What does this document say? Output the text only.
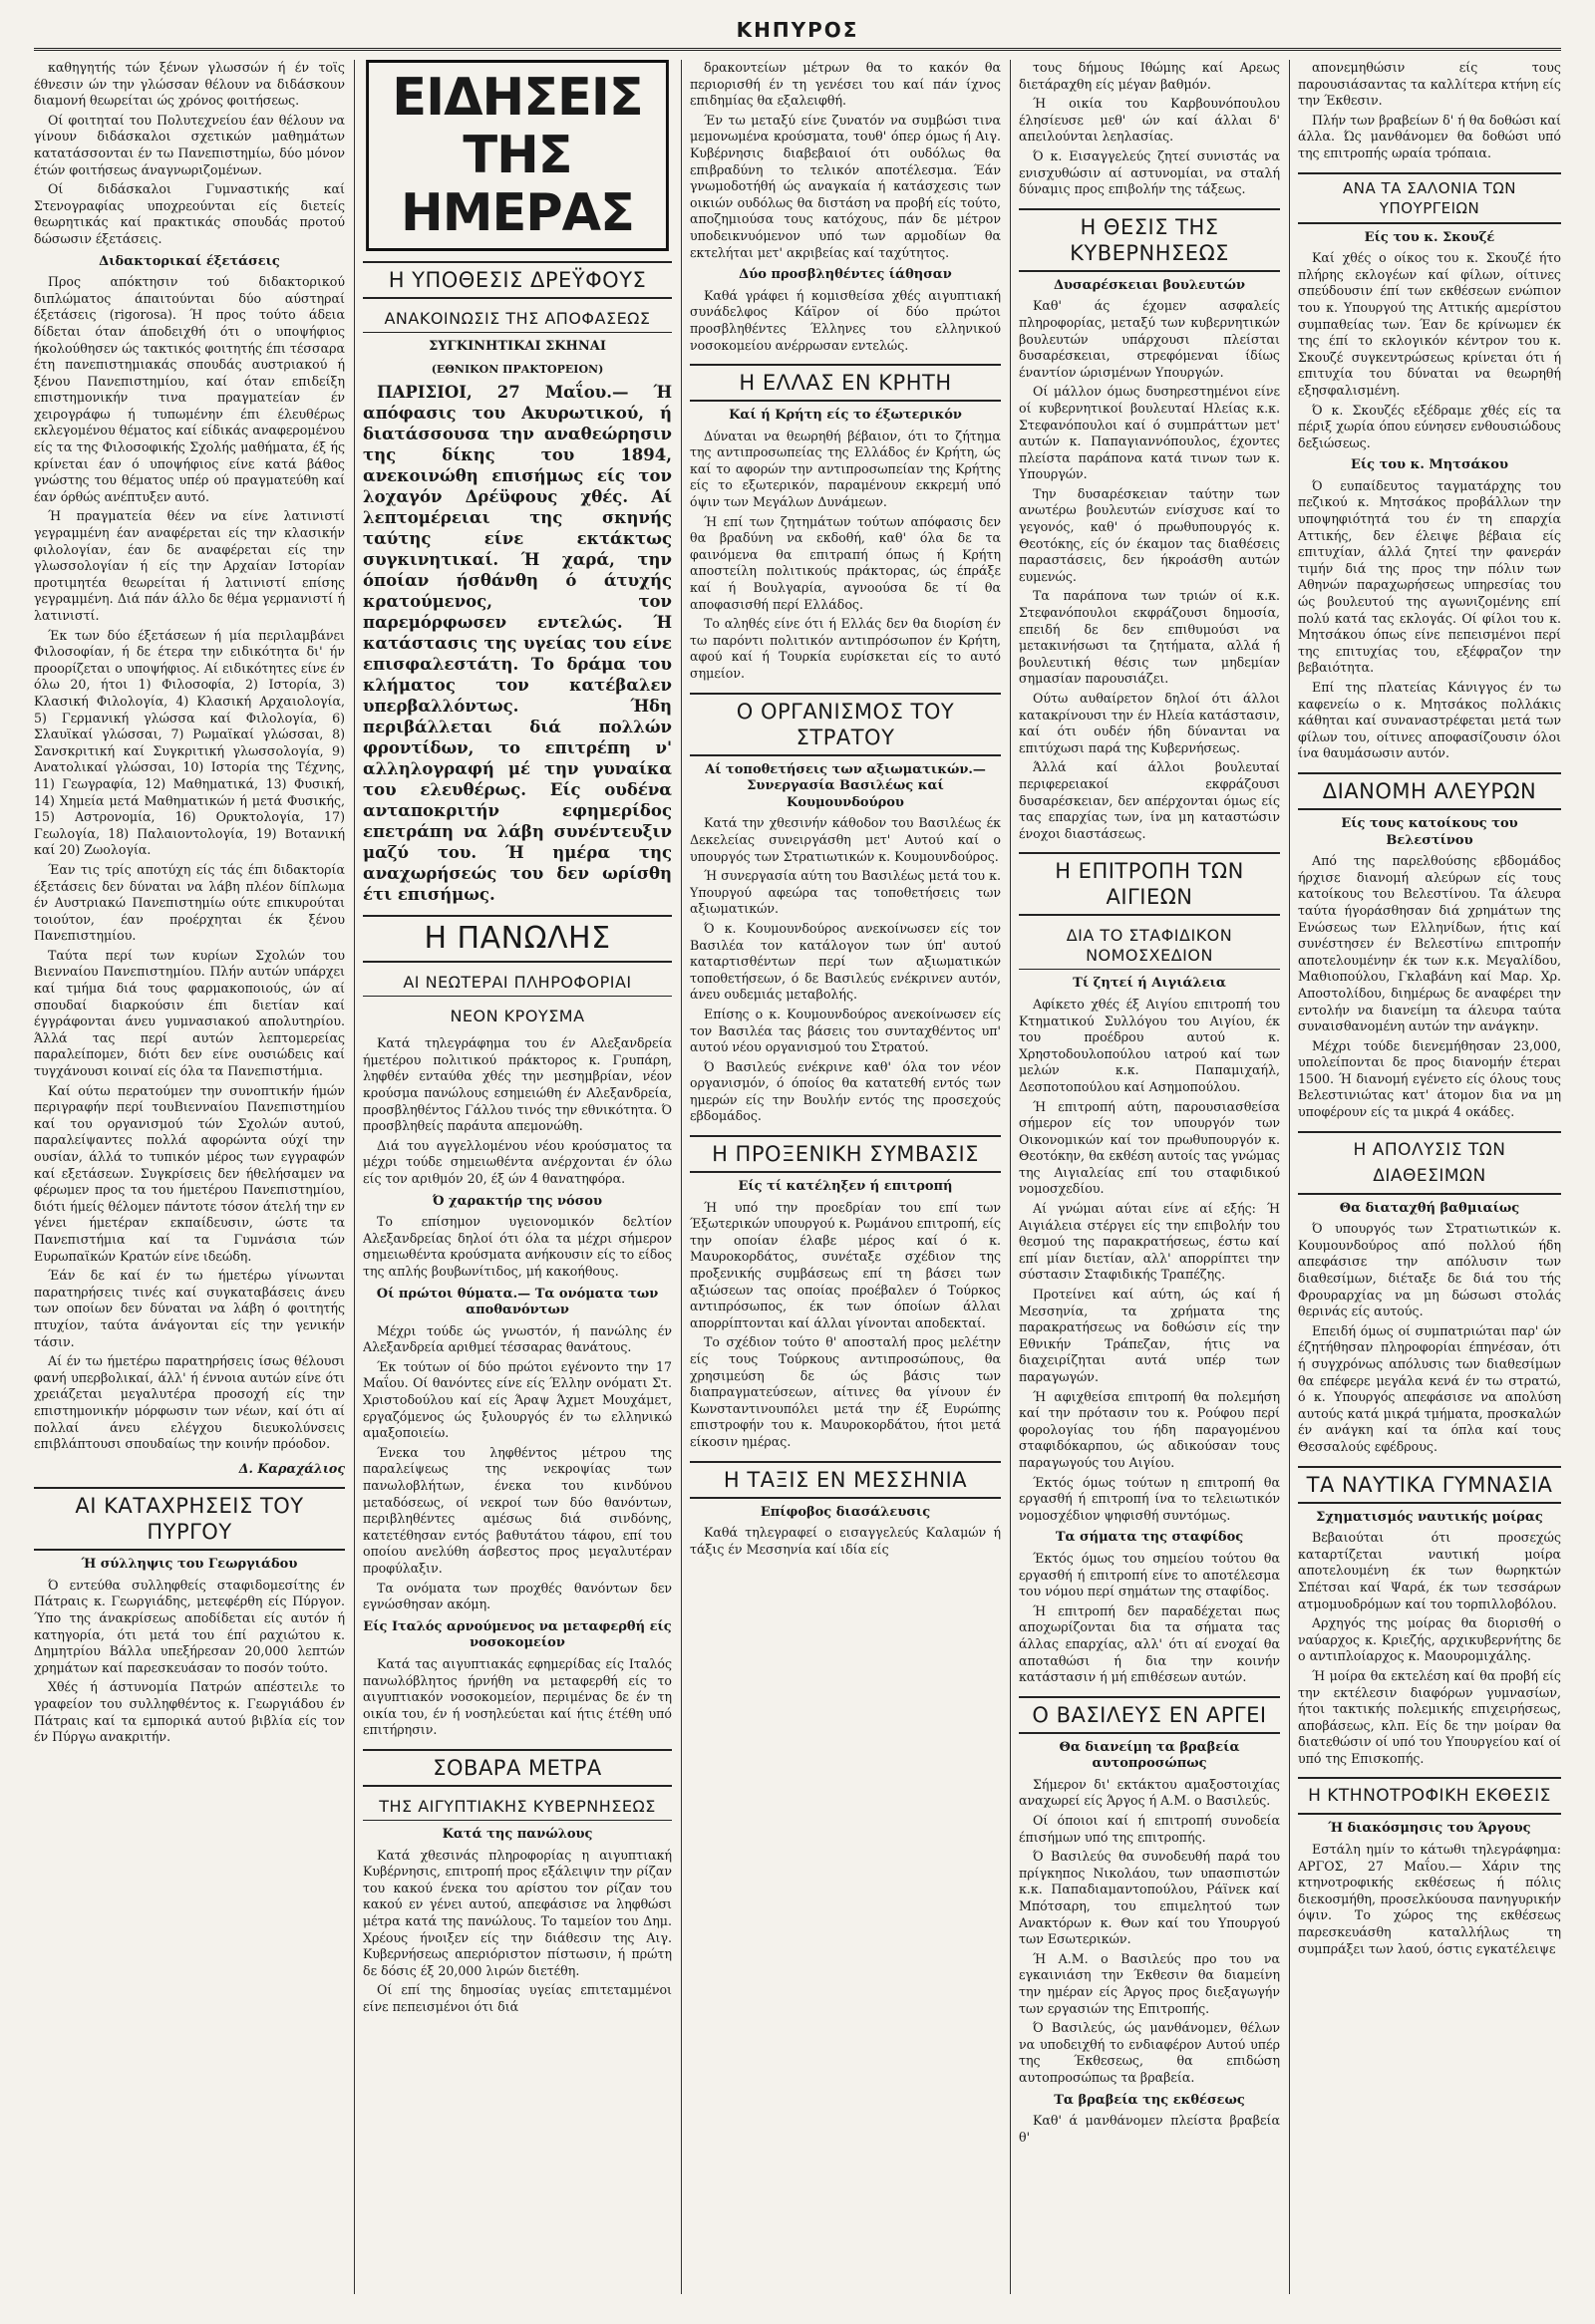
ΚΗΠΥΡΟΣ

καθηγητής τών ξένων γλωσσών ή έν τοϊς έθνεσιν ών την γλώσσαν θέλουν να διδάσκουν διαμονή θεωρείται ώς χρόνος φοιτήσεως.

Οί φοιτηταί του Πολυτεχνείου έαν θέλουν να γίνουν διδάσκαλοι σχετικών μαθημάτων κατατάσσονται έν τω Πανεπιστημίω, δύο μόνον έτών φοιτήσεως άναγνωριζομένων.

Οί διδάσκαλοι Γυμναστικής καί Στενογραφίας υποχρεούνται είς διετείς θεωρητικάς καί πρακτικάς σπουδάς προτού δώσωσιν έξετάσεις.

Διδακτορικαί έξετάσεις

Προς απόκτησιν τού διδακτορικού διπλώματος άπαιτούνται δύο αύστηραί έξετάσεις (rigorosa). Ή προς τούτο άδεια δίδεται όταν άποδειχθή ότι ο υποψήφιος ήκολούθησεν ώς τακτικός φοιτητής έπι τέσσαρα έτη πανεπιστημιακάς σπουδάς αυστριακού ή ξένου Πανεπιστημίου, καί όταν επιδείξη επιστημονικήν τινα πραγματείαν έν χειρογράφω ή τυπωμένην έπι έλευθέρως εκλεγομένου θέματος καί είδικάς αναφερομένου είς τα της Φιλοσοφικής Σχολής μαθήματα, έξ ής κρίνεται έαν ό υποψήφιος είνε κατά βάθος γνώστης του θέματος υπέρ ού πραγματεύθη καί έαν όρθώς ανέπτυξεν αυτό.

Ή πραγματεία θέεν να είνε λατινιστί γεγραμμένη έαν αναφέρεται είς την κλασικήν φιλολογίαν, έαν δε αναφέρεται είς την γλωσσολογίαν ή είς την Αρχαίαν Ιστορίαν προτιμητέα θεωρείται ή λατινιστί επίσης γεγραμμένη. Διά πάν άλλο δε θέμα γερμανιστί ή λατινιστί.

Έκ των δύο έξετάσεων ή μία περιλαμβάνει Φιλοσοφίαν, ή δε έτερα την ειδικότητα δι' ήν προορίζεται ο υποψήφιος. Αί ειδικότητες είνε έν όλω 20, ήτοι 1) Φιλοσοφία, 2) Ιστορία, 3) Κλασική Φιλολογία, 4) Κλασική Αρχαιολογία, 5) Γερμανική γλώσσα καί Φιλολογία, 6) Σλαυϊκαί γλώσσαι, 7) Ρωμαϊκαί γλώσσαι, 8) Σανσκριτική καί Συγκριτική γλωσσολογία, 9) Ανατολικαί γλώσσαι, 10) Ιστορία της Τέχνης, 11) Γεωγραφία, 12) Μαθηματικά, 13) Φυσική, 14) Χημεία μετά Μαθηματικών ή μετά Φυσικής, 15) Αστρονομία, 16) Ορυκτολογία, 17) Γεωλογία, 18) Παλαιοντολογία, 19) Βοτανική καί 20) Ζωολογία.

Έαν τις τρίς αποτύχη είς τάς έπι διδακτορία έξετάσεις δεν δύναται να λάβη πλέον δίπλωμα έν Αυστριακώ Πανεπιστημίω ούτε επικυρούται τοιούτον, έαν προέρχηται έκ ξένου Πανεπιστημίου.

Ταύτα περί των κυρίων Σχολών του Βιενναίου Πανεπιστημίου. Πλήν αυτών υπάρχει καί τμήμα διά τους φαρμακοποιούς, ών αί σπουδαί διαρκούσιν έπι διετίαν καί έγγράφονται άνευ γυμνασιακού απολυτηρίου. Άλλά τας περί αυτών λεπτομερείας παραλείπομεν, διότι δεν είνε ουσιώδεις καί τυγχάνουσι κοιναί είς όλα τα Πανεπιστήμια.

Καί ούτω περατούμεν την συνοπτικήν ήμών περιγραφήν περί τουΒιενναίου Πανεπιστημίου καί του οργανισμού τών Σχολών αυτού, παραλείψαντες πολλά αφορώντα ούχί την ουσίαν, άλλά το τυπικόν μέρος των εγγραφών καί εξετάσεων. Συγκρίσεις δεν ήθελήσαμεν να φέρωμεν προς τα του ήμετέρου Πανεπιστημίου, διότι ήμείς θέλομεν πάντοτε τόσον άτελή την εν γένει ήμετέραν εκπαίδευσιν, ώστε τα Πανεπιστήμια καί τα Γυμνάσια τών Ευρωπαϊκών Κρατών είνε ιδεώδη.

Έάν δε καί έν τω ήμετέρω γίνωνται παρατηρήσεις τινές καί συγκαταβάσεις άνευ των οποίων δεν δύναται να λάβη ό φοιτητής πτυχίον, ταύτα άνάγονται είς την γενικήν τάσιν.

Αί έν τω ήμετέρω παρατηρήσεις ίσως θέλουσι φανή υπερβολικαί, άλλ' ή έννοια αυτών είνε ότι χρειάζεται μεγαλυτέρα προσοχή είς την επιστημονικήν μόρφωσιν των νέων, καί ότι αί πολλαί άνευ ελέγχου διευκολύνσεις επιβλάπτουσι σπουδαίως την κοινήν πρόοδον.

Δ. Καραχάλιος
ΑΙ ΚΑΤΑΧΡΗΣΕΙΣ ΤΟΥ ΠΥΡΓΟΥ
Ή σύλληψις του Γεωργιάδου

Ό εντεύθα συλληφθείς σταφιδομεσίτης έν Πάτραις κ. Γεωργιάδης, μετεφέρθη είς Πύργον. Ύπο της άνακρίσεως αποδίδεται είς αυτόν ή κατηγορία, ότι μετά του έπί ραχιώτου κ. Δημητρίου Βάλλα υπεξήρεσαν 20,000 λεπτών χρημάτων καί παρεσκευάσαν το ποσόν τούτο.

Χθές ή άστυνομία Πατρών απέστειλε το γραφείον του συλληφθέντος κ. Γεωργιάδου έν Πάτραις καί τα εμπορικά αυτού βιβλία είς τον έν Πύργω ανακριτήν.

ΕΙΔΗΣΕΙΣ ΤΗΣ ΗΜΕΡΑΣ
Η ΥΠΟΘΕΣΙΣ ΔΡΕΫΦΟΥΣ
ΑΝΑΚΟΙΝΩΣΙΣ ΤΗΣ ΑΠΟΦΑΣΕΩΣ
ΣΥΓΚΙΝΗΤΙΚΑΙ ΣΚΗΝΑΙ
(ΕΘΝΙΚΟΝ ΠΡΑΚΤΟΡΕΙΟΝ)

ΠΑΡΙΣΙΟΙ, 27 Μαΐου.— Ή απόφασις του Ακυρωτικού, ή διατάσσουσα την αναθεώρησιν της δίκης του 1894, ανεκοινώθη επισήμως είς τον λοχαγόν Δρέϋφους χθές. Αί λεπτομέρειαι της σκηνής ταύτης είνε εκτάκτως συγκινητικαί. Ή χαρά, την όποίαν ήσθάνθη ό άτυχής κρατούμενος, τον παρεμόρφωσεν εντελώς. Ή κατάστασις της υγείας του είνε επισφαλεστάτη. Το δράμα του κλήματος τον κατέβαλεν υπερβαλλόντως. Ήδη περιβάλλεται διά πολλών φροντίδων, το επιτρέπη ν' αλληλογραφή μέ την γυναίκα του ελευθέρως. Είς ουδένα ανταποκριτήν εφημερίδος επετράπη να λάβη συνέντευξιν μαζύ του. Ή ημέρα της αναχωρήσεώς του δεν ωρίσθη έτι επισήμως.

Η ΠΑΝΩΛΗΣ
ΑΙ ΝΕΩΤΕΡΑΙ ΠΛΗΡΟΦΟΡΙΑΙ
ΝΕΟΝ ΚΡΟΥΣΜΑ

Κατά τηλεγράφημα του έν Αλεξανδρεία ήμετέρου πολιτικού πράκτορος κ. Γρυπάρη, ληφθέν ενταύθα χθές την μεσημβρίαν, νέον κρούσμα πανώλους εσημειώθη έν Αλεξανδρεία, προσβληθέντος Γάλλου τινός την εθνικότητα. Ό προσβληθείς παράυτα απεμονώθη.

Διά του αγγελλομένου νέου κρούσματος τα μέχρι τούδε σημειωθέντα ανέρχονται έν όλω είς τον αριθμόν 20, έξ ών 4 θανατηφόρα.

Ό χαρακτήρ της νόσου

Το επίσημον υγειονομικόν δελτίον Αλεξανδρείας δηλοί ότι όλα τα μέχρι σήμερον σημειωθέντα κρούσματα ανήκουσιν είς το είδος της απλής βουβωνίτιδος, μή κακοήθους.

Οί πρώτοι θύματα.— Τα ονόματα των αποθανόντων

Μέχρι τούδε ώς γνωστόν, ή πανώλης έν Αλεξανδρεία αριθμεί τέσσαρας θανάτους.

Έκ τούτων οί δύο πρώτοι εγένοντο την 17 Μαΐου. Οί θανόντες είνε είς Έλλην ονόματι Στ. Χριστοδούλου καί είς Άραψ Άχμετ Μουχάμετ, εργαζόμενος ώς ξυλουργός έν τω ελληνικώ αμαξοποιείω.

Ένεκα του ληφθέντος μέτρου της παραλείψεως της νεκροψίας των πανωλοβλήτων, ένεκα του κινδύνου μεταδόσεως, οί νεκροί των δύο θανόντων, περιβληθέντες αμέσως διά σινδόνης, κατετέθησαν εντός βαθυτάτου τάφου, επί του οποίου ανελύθη άσβεστος προς μεγαλυτέραν προφύλαξιν.

Τα ονόματα των προχθές θανόντων δεν εγνώσθησαν ακόμη.

Είς Ιταλός αρνούμενος να μεταφερθή είς νοσοκομείον

Κατά τας αιγυπτιακάς εφημερίδας είς Ιταλός πανωλόβλητος ήρνήθη να μεταφερθή είς το αιγυπτιακόν νοσοκομείον, περιμένας δε έν τη οικία του, έν ή νοσηλεύεται καί ήτις έτέθη υπό επιτήρησιν.

ΣΟΒΑΡΑ ΜΕΤΡΑ
ΤΗΣ ΑΙΓΥΠΤΙΑΚΗΣ ΚΥΒΕΡΝΗΣΕΩΣ
Κατά της πανώλους

Κατά χθεσινάς πληροφορίας η αιγυπτιακή Κυβέρνησις, επιτροπή προς εξάλειψιν την ρίζαν του κακού ένεκα του αρίστου τον ρίζαν του κακού εν γένει αυτού, απεφάσισε να ληφθώσι μέτρα κατά της πανώλους. Το ταμείον του Δημ. Χρέους ήνοιξεν είς την διάθεσιν της Αιγ. Κυβερνήσεως απεριόριστον πίστωσιν, ή πρώτη δε δόσις έξ 20,000 λιρών διετέθη.

Οί επί της δημοσίας υγείας επιτεταμμένοι είνε πεπεισμένοι ότι διά

δρακοντείων μέτρων θα το κακόν θα περιορισθή έν τη γενέσει του καί πάν ίχνος επιδημίας θα εξαλειφθή.

Έν τω μεταξύ είνε ζυνατόν να συμβώσι τινα μεμονωμένα κρούσματα, τουθ' όπερ όμως ή Αιγ. Κυβέρνησις διαβεβαιοί ότι ουδόλως θα επιβραδύνη το τελικόν αποτέλεσμα. Έάν γνωμοδοτήθή ώς αναγκαία ή κατάσχεσις των οικιών ουδόλως θα διστάση να προβή είς τούτο, αποζημιούσα τους κατόχους, πάν δε μέτρον υποδεικνυόμενον υπό των αρμοδίων θα εκτελήται μετ' ακριβείας καί ταχύτητος.

Δύο προσβληθέντες ίάθησαν

Καθά γράφει ή κομισθείσα χθές αιγυπτιακή συνάδελφος Κάϊρον οί δύο πρώτοι προσβληθέντες Έλληνες του ελληνικού νοσοκομείου ανέρρωσαν εντελώς.

Η ΕΛΛΑΣ ΕΝ ΚΡΗΤΗ
Καί ή Κρήτη είς το έξωτερικόν

Δύναται να θεωρηθή βέβαιον, ότι το ζήτημα της αντιπροσωπείας της Ελλάδος έν Κρήτη, ώς καί το αφορών την αντιπροσωπείαν της Κρήτης είς το εξωτερικόν, παραμένουν εκκρεμή υπό όψιν των Μεγάλων Δυνάμεων.

Ή επί των ζητημάτων τούτων απόφασις δεν θα βραδύνη να εκδοθή, καθ' όλα δε τα φαινόμενα θα επιτραπή όπως ή Κρήτη αποστείλη πολιτικούς πράκτορας, ώς έπράξε καί ή Βουλγαρία, αγνοούσα δε τί θα αποφασισθή περί Ελλάδος.

Το αληθές είνε ότι ή Ελλάς δεν θα διορίση έν τω παρόντι πολιτικόν αντιπρόσωπον έν Κρήτη, αφού καί ή Τουρκία ευρίσκεται είς το αυτό σημείον.

Ο ΟΡΓΑΝΙΣΜΟΣ ΤΟΥ ΣΤΡΑΤΟΥ
Αί τοποθετήσεις των αξιωματικών.— Συνεργασία Βασιλέως καί Κουμουνδούρου

Κατά την χθεσινήν κάθοδον του Βασιλέως έκ Δεκελείας συνειργάσθη μετ' Αυτού καί ο υπουργός των Στρατιωτικών κ. Κουμουνδούρος.

Ή συνεργασία αύτη του Βασιλέως μετά του κ. Υπουργού αφεώρα τας τοποθετήσεις των αξιωματικών.

Ό κ. Κουμουνδούρος ανεκοίνωσεν είς τον Βασιλέα τον κατάλογον των ύπ' αυτού καταρτισθέντων περί των αξιωματικών τοποθετήσεων, ό δε Βασιλεύς ενέκρινεν αυτόν, άνευ ουδεμιάς μεταβολής.

Επίσης ο κ. Κουμουνδούρος ανεκοίνωσεν είς τον Βασιλέα τας βάσεις του συνταχθέντος υπ' αυτού νέου οργανισμού του Στρατού.

Ό Βασιλεύς ενέκρινε καθ' όλα τον νέον οργανισμόν, ό όποίος θα κατατεθή εντός των ημερών είς την Βουλήν εντός της προσεχούς εβδομάδος.

Η ΠΡΟΞΕΝΙΚΗ ΣΥΜΒΑΣΙΣ
Είς τί κατέληξεν ή επιτροπή

Ή υπό την προεδρίαν του επί των Έξωτερικών υπουργού κ. Ρωμάνου επιτροπή, είς την οποίαν έλαβε μέρος καί ό κ. Μαυροκορδάτος, συνέταξε σχέδιον της προξενικής συμβάσεως επί τη βάσει των αξιώσεων τας οποίας προέβαλεν ό Τούρκος αντιπρόσωπος, έκ των όποίων άλλαι απορρίπτονται καί άλλαι γίνονται αποδεκταί.

Το σχέδιον τούτο θ' αποσταλή προς μελέτην είς τους Τούρκους αντιπροσώπους, θα χρησιμεύση δε ώς βάσις των διαπραγματεύσεων, αίτινες θα γίνουν έν Κωνσταντινουπόλει μετά την έξ Ευρώπης επιστροφήν του κ. Μαυροκορδάτου, ήτοι μετά είκοσιν ημέρας.

Η ΤΑΞΙΣ ΕΝ ΜΕΣΣΗΝΙΑ
Επίφοβος διασάλευσις

Καθά τηλεγραφεί ο εισαγγελεύς Καλαμών ή τάξις έν Μεσσηνία καί ιδία είς

τους δήμους Ιθώμης καί Αρεως διετάραχθη είς μέγαν βαθμόν.

Ή οικία του Καρβουνόπουλου έλησίευσε μεθ' ών καί άλλαι δ' απειλούνται λεηλασίας.

Ό κ. Εισαγγελεύς ζητεί συνιστάς να ενισχυθώσιν αί αστυνομίαι, να σταλή δύναμις προς επιβολήν της τάξεως.

Η ΘΕΣΙΣ ΤΗΣ ΚΥΒΕΡΝΗΣΕΩΣ
Δυσαρέσκειαι βουλευτών

Καθ' άς έχομεν ασφαλείς πληροφορίας, μεταξύ των κυβερνητικών βουλευτών υπάρχουσι πλείσται δυσαρέσκειαι, στρεφόμεναι ίδίως έναντίον ώρισμένων Υπουργών.

Οί μάλλον όμως δυσηρεστημένοι είνε οί κυβερνητικοί βουλευταί Ηλείας κ.κ. Στεφανόπουλοι καί ό συμπράττων μετ' αυτών κ. Παπαγιαννόπουλος, έχοντες πλείστα παράπονα κατά τινων των κ. Υπουργών.

Την δυσαρέσκειαν ταύτην των ανωτέρω βουλευτών ενίσχυσε καί το γεγονός, καθ' ό πρωθυπουργός κ. Θεοτόκης, είς όν έκαμον τας διαθέσεις παραστάσεις, δεν ήκροάσθη αυτών ευμενώς.

Τα παράπονα των τριών οί κ.κ. Στεφανόπουλοι εκφράζουσι δημοσία, επειδή δε δεν επιθυμούσι να μετακινήσωσι τα ζητήματα, αλλά ή βουλευτική θέσις των μηδεμίαν σημασίαν παρουσιάζει.

Ούτω αυθαίρετον δηλοί ότι άλλοι κατακρίνουσι την έν Ηλεία κατάστασιν, καί ότι ουδέν ήδη δύνανται να επιτύχωσι παρά της Κυβερνήσεως.

Άλλά καί άλλοι βουλευταί περιφερειακοί εκφράζουσι δυσαρέσκειαν, δεν απέρχονται όμως είς τας επαρχίας των, ίνα μη καταστώσιν ένοχοι διαστάσεως.

Η ΕΠΙΤΡΟΠΗ ΤΩΝ ΑΙΓΙΕΩΝ
ΔΙΑ ΤΟ ΣΤΑΦΙΔΙΚΟΝ ΝΟΜΟΣΧΕΔΙΟΝ
Τί ζητεί ή Αιγιάλεια

Αφίκετο χθές έξ Αιγίου επιτροπή του Κτηματικού Συλλόγου του Αιγίου, έκ του προέδρου αυτού κ. Χρηστοδουλοπούλου ιατρού καί των μελών κ.κ. Παπαμιχαήλ, Δεσποτοπούλου καί Ασημοπούλου.

Ή επιτροπή αύτη, παρουσιασθείσα σήμερον είς τον υπουργόν των Οικονομικών καί τον πρωθυπουργόν κ. Θεοτόκην, θα εκθέση αυτοίς τας γνώμας της Αιγιαλείας επί του σταφιδικού νομοσχεδίου.

Αί γνώμαι αύται είνε αί εξής: Ή Αιγιάλεια στέργει είς την επιβολήν του θεσμού της παρακρατήσεως, έστω καί επί μίαν διετίαν, αλλ' απορρίπτει την σύστασιν Σταφιδικής Τραπέζης.

Προτείνει καί αύτη, ώς καί ή Μεσσηνία, τα χρήματα της παρακρατήσεως να δοθώσιν είς την Εθνικήν Τράπεζαν, ήτις να διαχειρίζηται αυτά υπέρ των παραγωγών.

Ή αφιχθείσα επιτροπή θα πολεμήση καί την πρότασιν του κ. Ρούφου περί φορολογίας του ήδη παραγομένου σταφιδόκαρπου, ώς αδικούσαν τους παραγωγούς του Αιγίου.

Έκτός όμως τούτων η επιτροπή θα εργασθή ή επιτροπή ίνα το τελειωτικόν νομοσχέδιον ψηφισθή συντόμως.

Τα σήματα της σταφίδος

Έκτός όμως του σημείου τούτου θα εργασθή ή επιτροπή είνε το αποτέλεσμα του νόμου περί σημάτων της σταφίδος.

Ή επιτροπή δεν παραδέχεται πως αποχωρίζονται δια τα σήματα τας άλλας επαρχίας, αλλ' ότι αί ενοχαί θα αποταθώσι ή δια την κοινήν κατάστασιν ή μή επιθέσεων αυτών.

Ο ΒΑΣΙΛΕΥΣ ΕΝ ΑΡΓΕΙ
Θα διανείμη τα βραβεία αυτοπροσώπως

Σήμερον δι' εκτάκτου αμαξοστοιχίας αναχωρεί είς Άργος ή Α.Μ. ο Βασιλεύς.

Οί όποιοι καί ή επιτροπή συνοδεία έπισήμων υπό της επιτροπής.

Ό Βασιλεύς θα συνοδευθή παρά του πρίγκηπος Νικολάου, των υπασπιστών κ.κ. Παπαδιαμαντοπούλου, Ράϊνεκ καί Μπότσαρη, του επιμελητού των Ανακτόρων κ. Θων καί του Υπουργού των Εσωτερικών.

Ή Α.Μ. ο Βασιλεύς προ του να εγκαινιάση την Έκθεσιν θα διαμείνη την ημέραν είς Άργος προς διεξαγωγήν των εργασιών της Επιτροπής.

Ό Βασιλεύς, ώς μανθάνομεν, θέλων να υποδειχθή το ενδιαφέρον Αυτού υπέρ της Έκθεσεως, θα επιδώση αυτοπροσώπως τα βραβεία.

Τα βραβεία της εκθέσεως

Καθ' ά μανθάνομεν πλείστα βραβεία θ'

απονεμηθώσιν είς τους παρουσιάσαντας τα καλλίτερα κτήνη είς την Έκθεσιν.

Πλήν των βραβείων δ' ή θα δοθώσι καί άλλα. Ώς μανθάνομεν θα δοθώσι υπό της επιτροπής ωραία τρόπαια.

ΑΝΑ ΤΑ ΣΑΛΟΝΙΑ ΤΩΝ ΥΠΟΥΡΓΕΙΩΝ
Είς του κ. Σκουζέ

Καί χθές ο οίκος του κ. Σκουζέ ήτο πλήρης εκλογέων καί φίλων, οίτινες σπεύδουσιν έπί των εκθέσεων ενώπιον του κ. Υπουργού της Αττικής αμερίστου συμπαθείας των. Έαν δε κρίνωμεν έκ της έπί το εκλογικόν κέντρον του κ. Σκουζέ συγκεντρώσεως κρίνεται ότι ή επιτυχία του δύναται να θεωρηθή εξησφαλισμένη.

Ό κ. Σκουζές εξέδραμε χθές είς τα πέριξ χωρία όπου εύνησεν ενθουσιώδους δεξιώσεως.

Είς του κ. Μητσάκου

Ό ευπαίδευτος ταγματάρχης του πεζικού κ. Μητσάκος προβάλλων την υποψηφιότητά του έν τη επαρχία Αττικής, δεν έλειψε βέβαια είς επιτυχίαν, άλλά ζητεί την φανεράν τιμήν διά της προς την πόλιν των Αθηνών παραχωρήσεως υπηρεσίας του ώς βουλευτού της αγωνιζομένης επί πολύ κατά τας εκλογάς. Οί φίλοι του κ. Μητσάκου όπως είνε πεπεισμένοι περί της επιτυχίας του, εξέφραζον την βεβαιότητα.

Επί της πλατείας Κάνιγγος έν τω καφενείω ο κ. Μητσάκος πολλάκις κάθηται καί συναναστρέφεται μετά των φίλων του, οίτινες αποφασίζουσιν όλοι ίνα θαυμάσωσιν αυτόν.

ΔΙΑΝΟΜΗ ΑΛΕΥΡΩΝ
Είς τους κατοίκους του Βελεστίνου

Από της παρελθούσης εβδομάδος ήρχισε διανομή αλεύρων είς τους κατοίκους του Βελεστίνου. Τα άλευρα ταύτα ήγοράσθησαν διά χρημάτων της Ενώσεως των Ελληνίδων, ήτις καί συνέστησεν έν Βελεστίνω επιτροπήν αποτελουμένην έκ των κ.κ. Μεγαλίδου, Μαθιοπούλου, Γκλαβάνη καί Μαρ. Χρ. Αποστολίδου, διημέρως δε αναφέρει την εντολήν να διανείμη τα άλευρα ταύτα συναισθανομένη αυτών την ανάγκην.

Μέχρι τούδε διενεμήθησαν 23,000, υπολείπονται δε προς διανομήν έτεραι 1500. Ή διανομή εγένετο είς όλους τους Βελεστινιώτας κατ' άτομον δια να μη υποφέρουν είς τα μικρά 4 οκάδες.

Η ΑΠΟΛΥΣΙΣ ΤΩΝ ΔΙΑΘΕΣΙΜΩΝ
Θα διαταχθή βαθμιαίως

Ό υπουργός των Στρατιωτικών κ. Κουμουνδούρος από πολλού ήδη απεφάσισε την απόλυσιν των διαθεσίμων, διέταξε δε διά του τής Φρουραρχίας να μη δώσωσι στολάς θερινάς είς αυτούς.

Επειδή όμως οί συμπατριώται παρ' ών έζητήθησαν πληροφορίαι έπηνέσαν, ότι ή συγχρόνως απόλυσις των διαθεσίμων θα επέφερε μεγάλα κενά έν τω στρατώ, ό κ. Υπουργός απεφάσισε να απολύση αυτούς κατά μικρά τμήματα, προσκαλών έν ανάγκη καί τα όπλα καί τους Θεσσαλούς εφέδρους.

ΤΑ ΝΑΥΤΙΚΑ ΓΥΜΝΑΣΙΑ
Σχηματισμός ναυτικής μοίρας

Βεβαιούται ότι προσεχώς καταρτίζεται ναυτική μοίρα αποτελουμένη έκ των θωρηκτών Σπέτσαι καί Ψαρά, έκ των τεσσάρων ατμομυοδρόμων καί του τορπιλλοβόλου.

Αρχηγός της μοίρας θα διορισθή ο ναύαρχος κ. Κριεζής, αρχικυβερνήτης δε ο αντιπλοίαρχος κ. Μαουρομιχάλης.

Ή μοίρα θα εκτελέση καί θα προβή είς την εκτέλεσιν διαφόρων γυμνασίων, ήτοι τακτικής πολεμικής επιχειρήσεως, αποβάσεως, κλπ. Είς δε την μοίραν θα διατεθώσιν οί υπό του Υπουργείου καί οί υπό της Επισκοπής.

Η ΚΤΗΝΟΤΡΟΦΙΚΗ ΕΚΘΕΣΙΣ
Ή διακόσμησις του Άργους

Εστάλη ημίν το κάτωθι τηλεγράφημα: ΑΡΓΟΣ, 27 Μαΐου.— Χάριν της κτηνοτροφικής εκθέσεως ή πόλις διεκοσμήθη, προσελκύουσα πανηγυρικήν όψιν. Το χώρος της εκθέσεως παρεσκευάσθη καταλλήλως τη συμπράξει των λαού, όστις εγκατέλειψε
